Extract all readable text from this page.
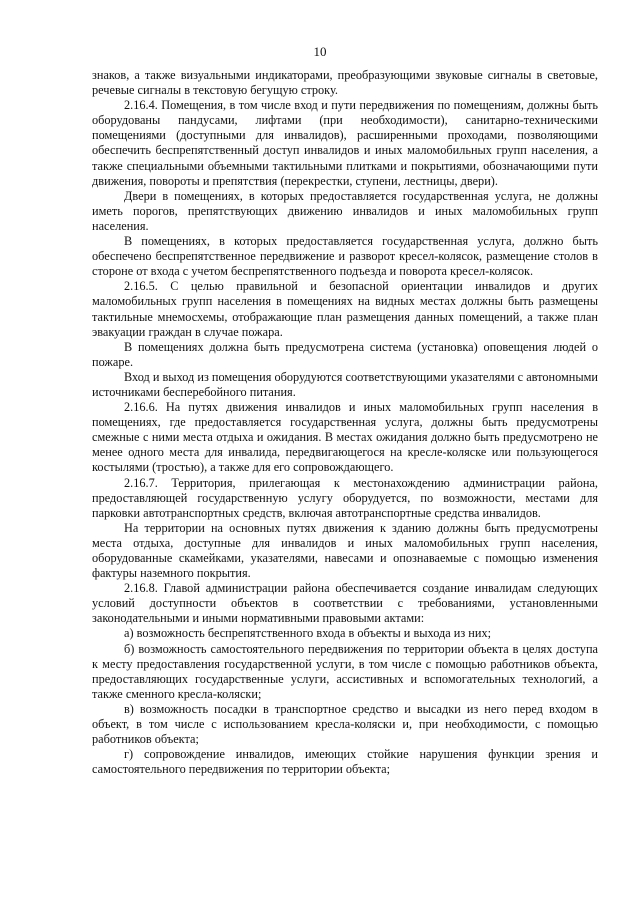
10

знаков, а также визуальными индикаторами, преобразующими звуковые сигналы в световые, речевые сигналы в текстовую бегущую строку.

2.16.4. Помещения, в том числе вход и пути передвижения по помещениям, должны быть оборудованы пандусами, лифтами (при необходимости), санитарно-техническими помещениями (доступными для инвалидов), расширенными проходами, позволяющими обеспечить беспрепятственный доступ инвалидов и иных маломобильных групп населения, а также специальными объемными тактильными плитками и покрытиями, обозначающими пути движения, повороты и препятствия (перекрестки, ступени, лестницы, двери).

Двери в помещениях, в которых предоставляется государственная услуга, не должны иметь порогов, препятствующих движению инвалидов и иных маломобильных групп населения.

В помещениях, в которых предоставляется государственная услуга, должно быть обеспечено беспрепятственное передвижение и разворот кресел-колясок, размещение столов в стороне от входа с учетом беспрепятственного подъезда и поворота кресел-колясок.

2.16.5. С целью правильной и безопасной ориентации инвалидов и других маломобильных групп населения в помещениях на видных местах должны быть размещены тактильные мнемосхемы, отображающие план размещения данных помещений, а также план эвакуации граждан в случае пожара.

В помещениях должна быть предусмотрена система (установка) оповещения людей о пожаре.

Вход и выход из помещения оборудуются соответствующими указателями с автономными источниками бесперебойного питания.

2.16.6. На путях движения инвалидов и иных маломобильных групп населения в помещениях, где предоставляется государственная услуга, должны быть предусмотрены смежные с ними места отдыха и ожидания. В местах ожидания должно быть предусмотрено не менее одного места для инвалида, передвигающегося на кресле-коляске или пользующегося костылями (тростью), а также для его сопровождающего.

2.16.7. Территория, прилегающая к местонахождению администрации района, предоставляющей государственную услугу оборудуется, по возможности, местами для парковки автотранспортных средств, включая автотранспортные средства инвалидов.

На территории на основных путях движения к зданию должны быть предусмотрены места отдыха, доступные для инвалидов и иных маломобильных групп населения, оборудованные скамейками, указателями, навесами и опознаваемые с помощью изменения фактуры наземного покрытия.

2.16.8. Главой администрации района обеспечивается создание инвалидам следующих условий доступности объектов в соответствии с требованиями, установленными законодательными и иными нормативными правовыми актами:

а) возможность беспрепятственного входа в объекты и выхода из них;

б) возможность самостоятельного передвижения по территории объекта в целях доступа к месту предоставления государственной услуги, в том числе с помощью работников объекта, предоставляющих государственные услуги, ассистивных и вспомогательных технологий, а также сменного кресла-коляски;

в) возможность посадки в транспортное средство и высадки из него перед входом в объект, в том числе с использованием кресла-коляски и, при необходимости, с помощью работников объекта;

г) сопровождение инвалидов, имеющих стойкие нарушения функции зрения и самостоятельного передвижения по территории объекта;
